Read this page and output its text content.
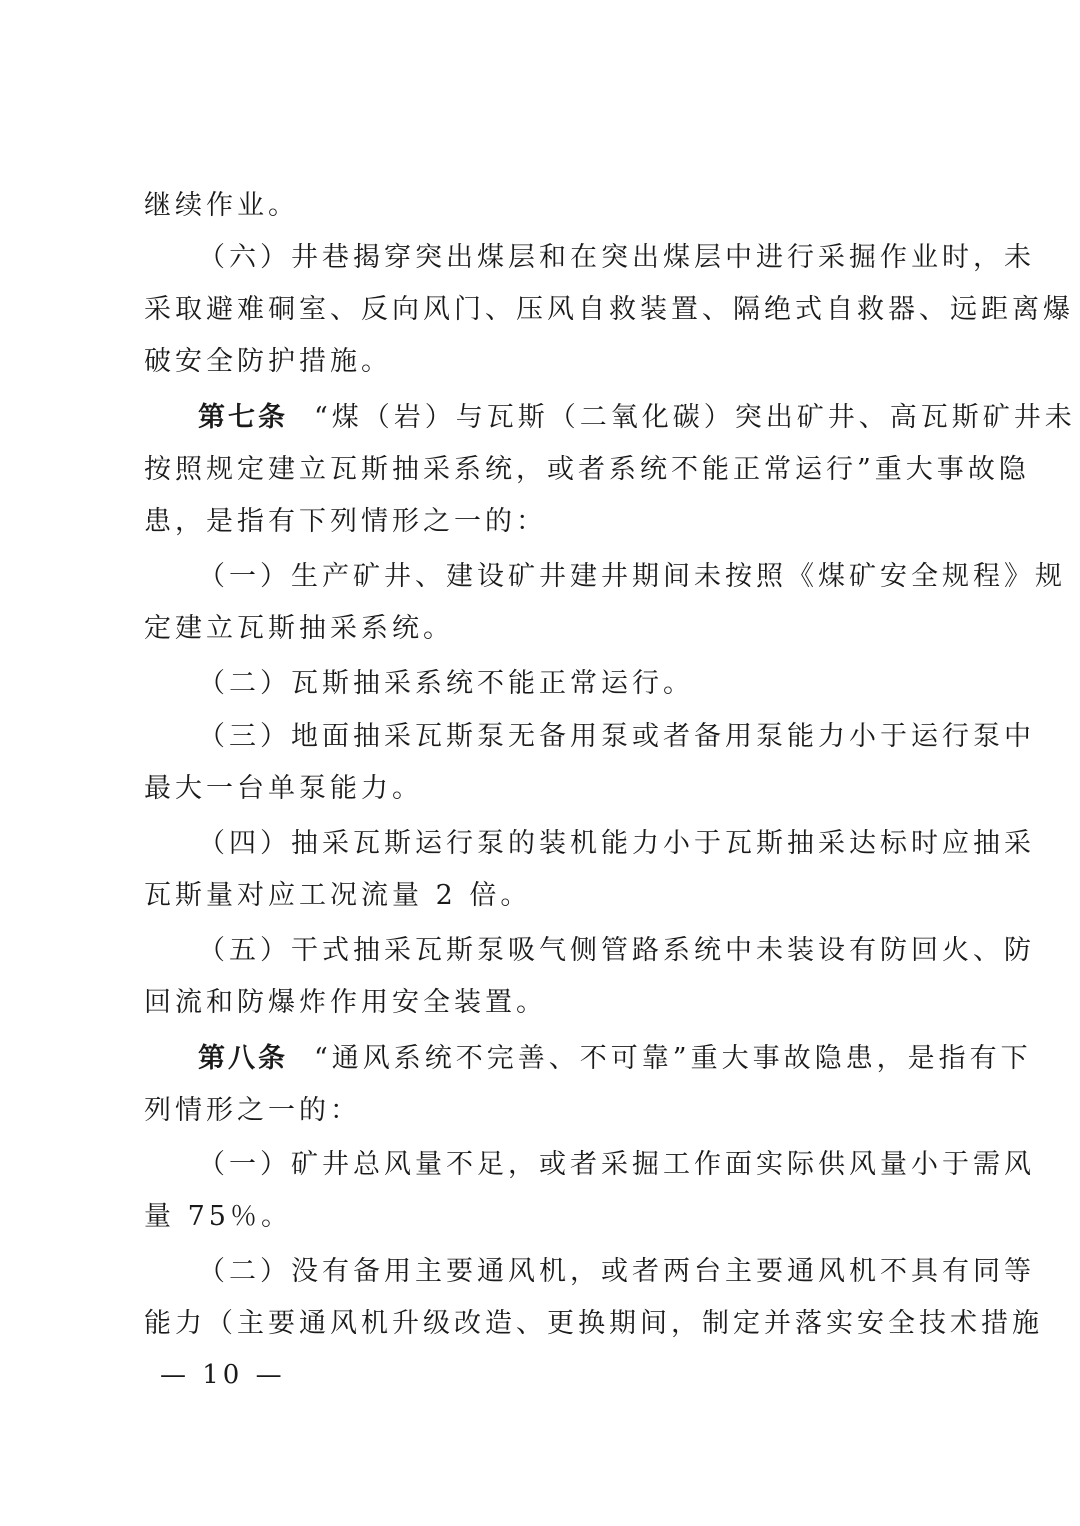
继续作业。
（六）井巷揭穿突出煤层和在突出煤层中进行采掘作业时，未
采取避难硐室、反向风门、压风自救装置、隔绝式自救器、远距离爆
破安全防护措施。
第七条 “煤（岩）与瓦斯（二氧化碳）突出矿井、高瓦斯矿井未
按照规定建立瓦斯抽采系统，或者系统不能正常运行”重大事故隐
患，是指有下列情形之一的：
（一）生产矿井、建设矿井建井期间未按照《煤矿安全规程》规
定建立瓦斯抽采系统。
（二）瓦斯抽采系统不能正常运行。
（三）地面抽采瓦斯泵无备用泵或者备用泵能力小于运行泵中
最大一台单泵能力。
（四）抽采瓦斯运行泵的装机能力小于瓦斯抽采达标时应抽采
瓦斯量对应工况流量 2 倍。
（五）干式抽采瓦斯泵吸气侧管路系统中未装设有防回火、防
回流和防爆炸作用安全装置。
第八条 “通风系统不完善、不可靠”重大事故隐患，是指有下
列情形之一的：
（一）矿井总风量不足，或者采掘工作面实际供风量小于需风
量 75％。
（二）没有备用主要通风机，或者两台主要通风机不具有同等
能力（主要通风机升级改造、更换期间，制定并落实安全技术措施
— 10 —
